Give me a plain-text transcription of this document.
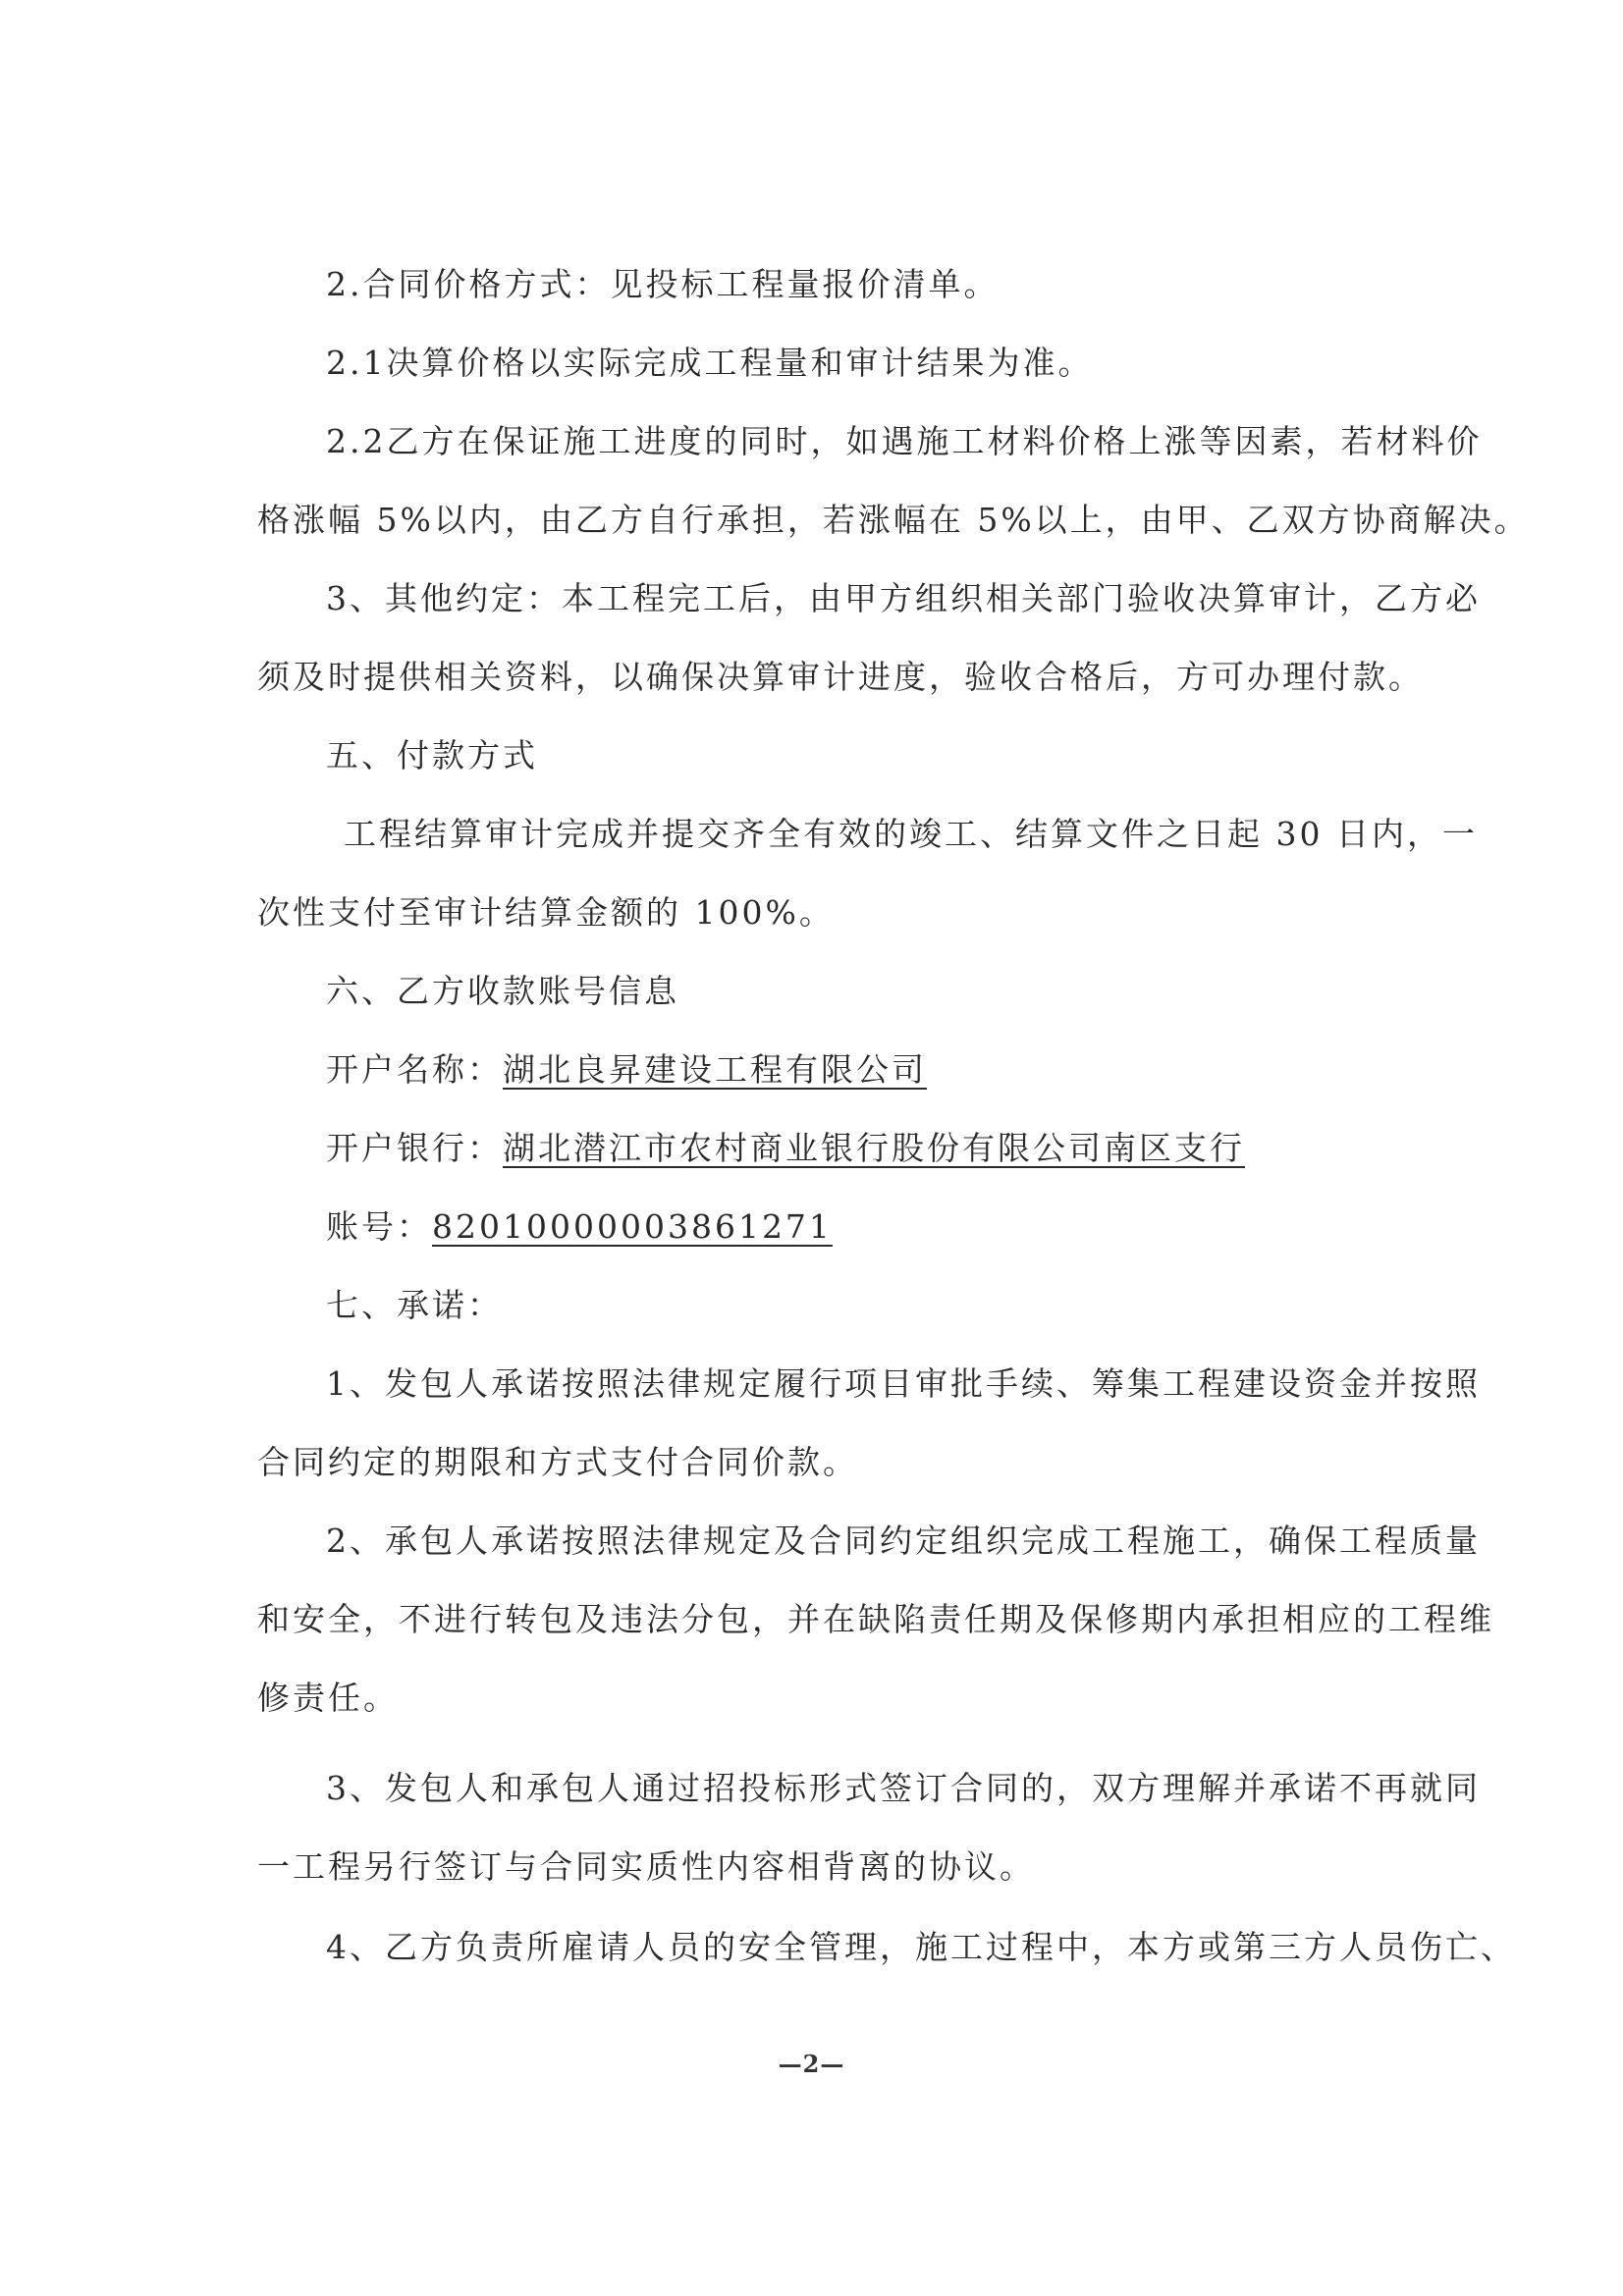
2.合同价格方式：见投标工程量报价清单。
2.1决算价格以实际完成工程量和审计结果为准。
2.2乙方在保证施工进度的同时，如遇施工材料价格上涨等因素，若材料价
格涨幅 5%以内，由乙方自行承担，若涨幅在 5%以上，由甲、乙双方协商解决。
3、其他约定：本工程完工后，由甲方组织相关部门验收决算审计，乙方必
须及时提供相关资料，以确保决算审计进度，验收合格后，方可办理付款。
五、付款方式
工程结算审计完成并提交齐全有效的竣工、结算文件之日起 30 日内，一
次性支付至审计结算金额的 100%。
六、乙方收款账号信息
开户名称：湖北良昇建设工程有限公司
开户银行：湖北潜江市农村商业银行股份有限公司南区支行
账号：82010000003861271
七、承诺：
1、发包人承诺按照法律规定履行项目审批手续、筹集工程建设资金并按照
合同约定的期限和方式支付合同价款。
2、承包人承诺按照法律规定及合同约定组织完成工程施工，确保工程质量
和安全，不进行转包及违法分包，并在缺陷责任期及保修期内承担相应的工程维
修责任。
3、发包人和承包人通过招投标形式签订合同的，双方理解并承诺不再就同
一工程另行签订与合同实质性内容相背离的协议。
4、乙方负责所雇请人员的安全管理，施工过程中，本方或第三方人员伤亡、
—2—
